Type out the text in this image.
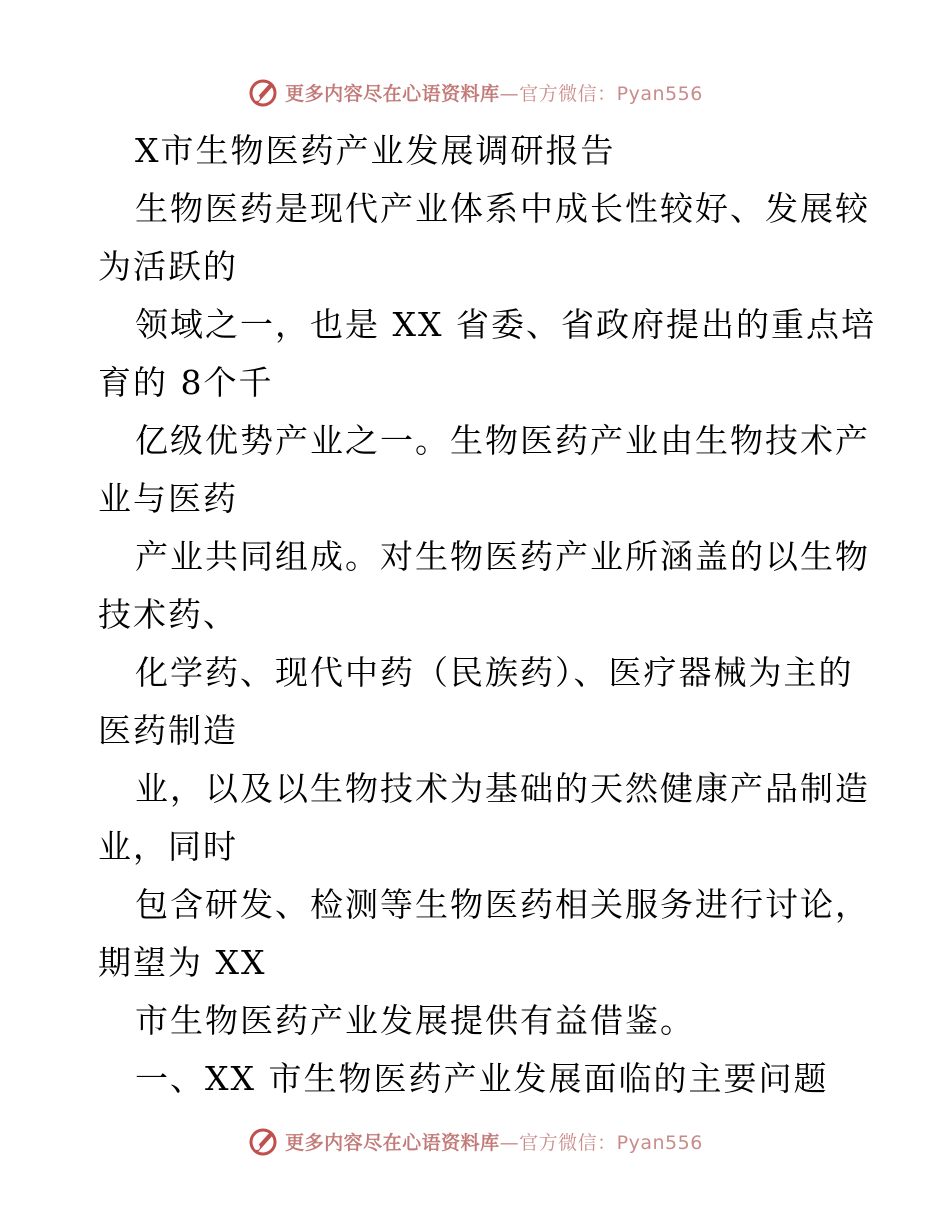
更多内容尽在心语资料库—官方微信：Pyan556
X市生物医药产业发展调研报告
生物医药是现代产业体系中成长性较好、发展较
为活跃的
领域之一，也是 XX 省委、省政府提出的重点培
育的 8个千
亿级优势产业之一。生物医药产业由生物技术产
业与医药
产业共同组成。对生物医药产业所涵盖的以生物
技术药、
化学药、现代中药（民族药）、医疗器械为主的
医药制造
业，以及以生物技术为基础的天然健康产品制造
业，同时
包含研发、检测等生物医药相关服务进行讨论，
期望为 XX
市生物医药产业发展提供有益借鉴。
一、XX 市生物医药产业发展面临的主要问题
更多内容尽在心语资料库—官方微信：Pyan556
